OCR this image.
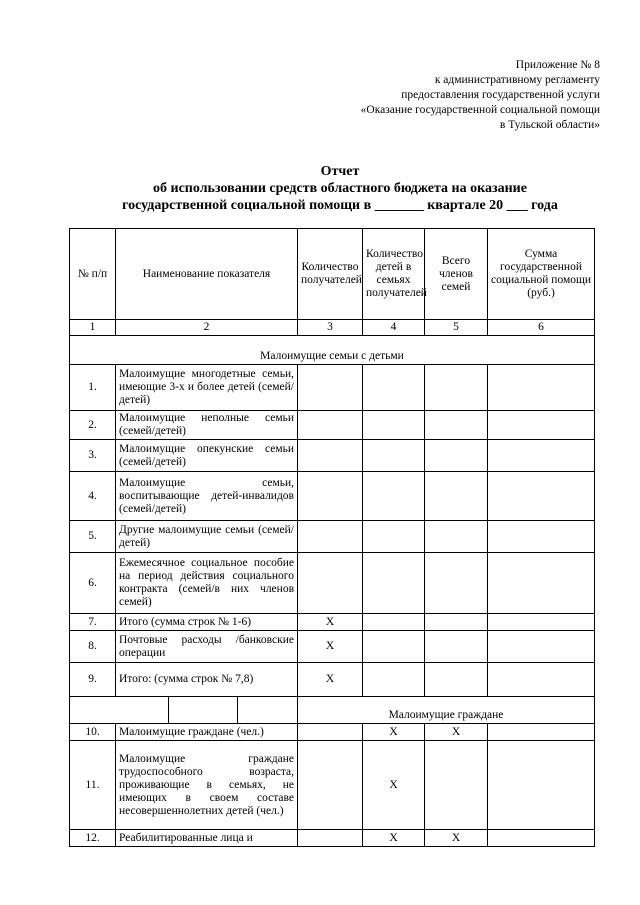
Приложение № 8
к административному регламенту
предоставления государственной услуги
«Оказание государственной социальной помощи
в Тульской области»
Отчет
об использовании средств областного бюджета на оказание
государственной социальной помощи в _______ квартале 20 ___ года
№ п/п	Наименование показателя	Количество получателей	Количество детей в семьях получателей	Всего членов семей	Сумма государственной социальной помощи (руб.)
1	2	3	4	5	6
Малоимущие семьи с детьми					
1.	Малоимущие многодетные семьи, имеющие 3-х и более детей (семей/детей)				
2.	Малоимущие неполные семьи (семей/детей)				
3.	Малоимущие опекунские семьи (семей/детей)				
4.	Малоимущие семьи, воспитывающие детей-инвалидов (семей/детей)				
5.	Другие малоимущие семьи (семей/детей)				
6.	Ежемесячное социальное пособие на период действия социального контракта (семей/в них членов семей)				
7.	Итого (сумма строк № 1-6)	Х			
8.	Почтовые расходы /банковские операции	Х			
9.	Итого: (сумма строк № 7,8)	Х			

		Малоимущие граждане			
10.	Малоимущие граждане (чел.)		Х	Х	
11.	Малоимущие граждане трудоспособного возраста, проживающие в семьях, не имеющих в своем составе несовершеннолетних детей (чел.)		Х		
12.	Реабилитированные лица и		Х	Х	
